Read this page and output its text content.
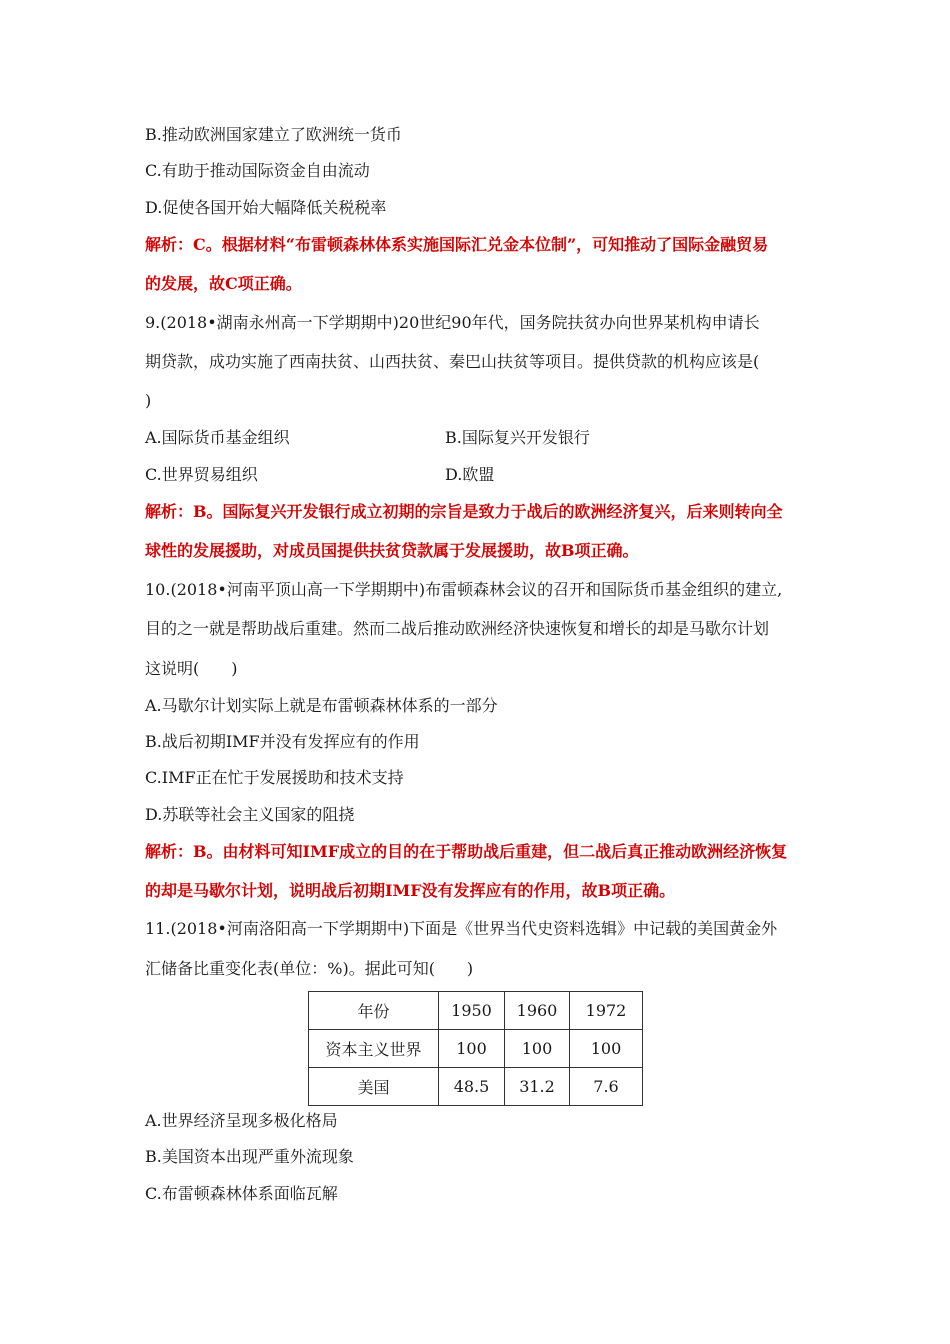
B.推动欧洲国家建立了欧洲统一货币
C.有助于推动国际资金自由流动
D.促使各国开始大幅降低关税税率
解析：C。根据材料“布雷顿森林体系实施国际汇兑金本位制”，可知推动了国际金融贸易
的发展，故C项正确。
9.(2018•湖南永州高一下学期期中)20世纪90年代，国务院扶贫办向世界某机构申请长
期贷款，成功实施了西南扶贫、山西扶贫、秦巴山扶贫等项目。提供贷款的机构应该是(
)
A.国际货币基金组织	B.国际复兴开发银行
C.世界贸易组织	D.欧盟
解析：B。国际复兴开发银行成立初期的宗旨是致力于战后的欧洲经济复兴，后来则转向全
球性的发展援助，对成员国提供扶贫贷款属于发展援助，故B项正确。
10.(2018•河南平顶山高一下学期期中)布雷顿森林会议的召开和国际货币基金组织的建立,
目的之一就是帮助战后重建。然而二战后推动欧洲经济快速恢复和增长的却是马歇尔计划
这说明(　　)
A.马歇尔计划实际上就是布雷顿森林体系的一部分
B.战后初期IMF并没有发挥应有的作用
C.IMF正在忙于发展援助和技术支持
D.苏联等社会主义国家的阻挠
解析：B。由材料可知IMF成立的目的在于帮助战后重建，但二战后真正推动欧洲经济恢复
的却是马歇尔计划，说明战后初期IMF没有发挥应有的作用，故B项正确。
11.(2018•河南洛阳高一下学期期中)下面是《世界当代史资料选辑》中记载的美国黄金外
汇储备比重变化表(单位：%)。据此可知(　　)
年份	1950	1960	1972
资本主义世界	100	100	100
美国	48.5	31.2	7.6
A.世界经济呈现多极化格局
B.美国资本出现严重外流现象
C.布雷顿森林体系面临瓦解
